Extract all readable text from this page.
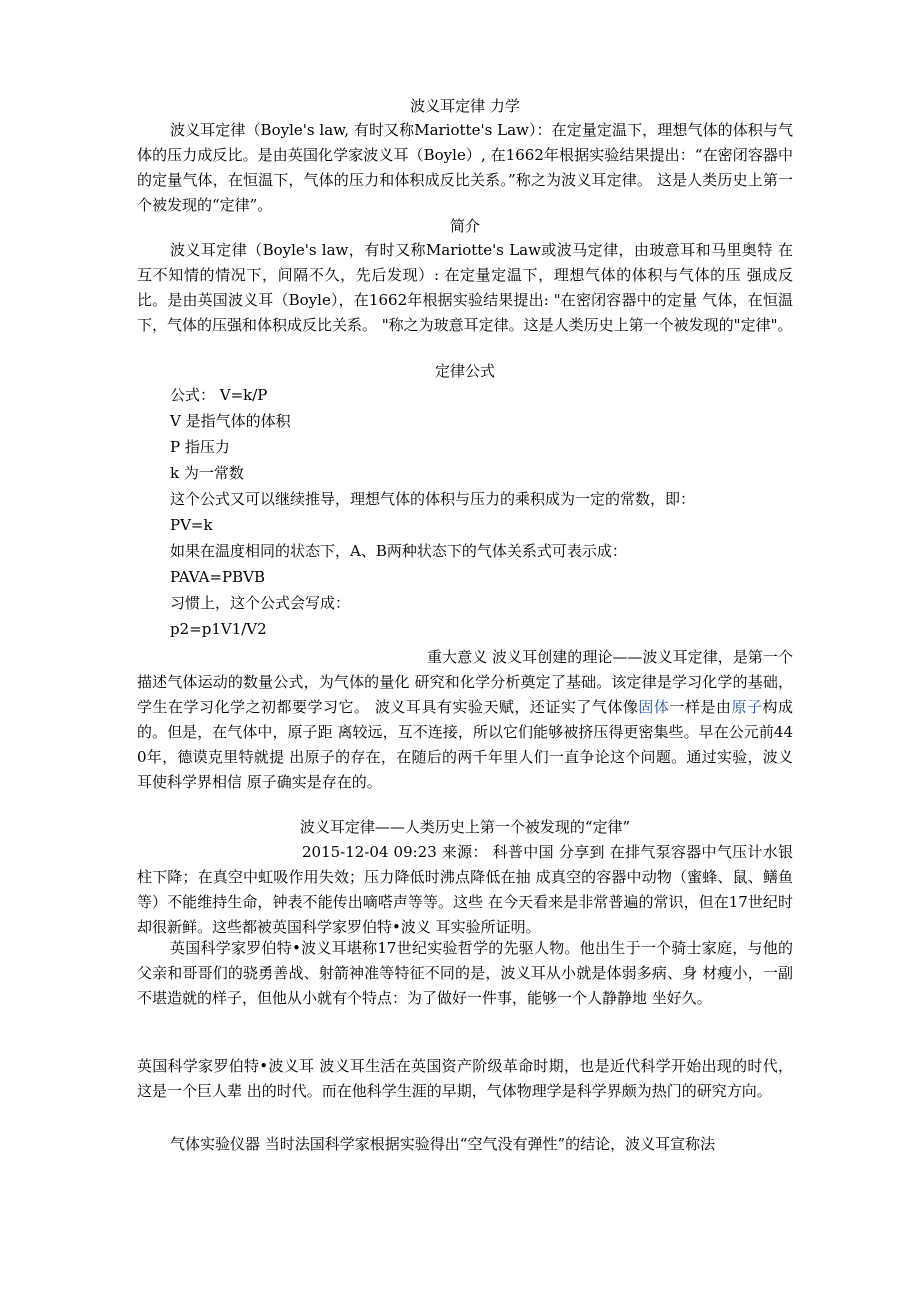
波义耳定律 力学

波义耳定律（Boyle's law, 有时又称Mariotte's Law）：在定量定温下，理想气体的体积与气体的压力成反比。是由英国化学家波义耳（Boyle）, 在1662年根据实验结果提出：“在密闭容器中的定量气体，在恒温下，气体的压力和体积成反比关系。”称之为波义耳定律。 这是人类历史上第一个被发现的“定律”。

简介

波义耳定律（Boyle's law，有时又称Mariotte's Law或波马定律，由玻意耳和马里奥特 在互不知情的情况下，间隔不久，先后发现）: 在定量定温下，理想气体的体积与气体的压 强成反比。是由英国波义耳（Boyle），在1662年根据实验结果提出: "在密闭容器中的定量 气体，在恒温下，气体的压强和体积成反比关系。 "称之为玻意耳定律。这是人类历史上第一个被发现的"定律"。

定律公式

公式： V=k/P

V 是指气体的体积

P 指压力

k 为一常数

这个公式又可以继续推导，理想气体的体积与压力的乘积成为一定的常数，即：

PV=k

如果在温度相同的状态下，A、B两种状态下的气体关系式可表示成：

PAVA=PBVB

习惯上，这个公式会写成：

p2=p1V1/V2

重大意义 波义耳创建的理论——波义耳定律，是第一个描述气体运动的数量公式，为气体的量化 研究和化学分析奠定了基础。该定律是学习化学的基础，学生在学习化学之初都要学习它。 波义耳具有实验天赋，还证实了气体像固体一样是由原子构成的。但是，在气体中，原子距 离较远，互不连接，所以它们能够被挤压得更密集些。早在公元前440年，德谟克里特就提 出原子的存在，在随后的两千年里人们一直争论这个问题。通过实验，波义耳使科学界相信 原子确实是存在的。

波义耳定律——人类历史上第一个被发现的“定律”

2015-12-04 09:23 来源： 科普中国 分享到 在排气泵容器中气压计水银柱下降；在真空中虹吸作用失效；压力降低时沸点降低在抽 成真空的容器中动物（蜜蜂、鼠、鳝鱼等）不能维持生命，钟表不能传出嘀嗒声等等。这些 在今天看来是非常普遍的常识，但在17世纪时却很新鲜。这些都被英国科学家罗伯特•波义 耳实验所证明。

英国科学家罗伯特•波义耳堪称17世纪实验哲学的先驱人物。他出生于一个骑士家庭，与他的父亲和哥哥们的骁勇善战、射箭神准等特征不同的是，波义耳从小就是体弱多病、身 材瘦小，一副不堪造就的样子，但他从小就有个特点：为了做好一件事，能够一个人静静地 坐好久。

英国科学家罗伯特•波义耳 波义耳生活在英国资产阶级革命时期，也是近代科学开始出现的时代，这是一个巨人辈 出的时代。而在他科学生涯的早期，气体物理学是科学界颇为热门的研究方向。

气体实验仪器 当时法国科学家根据实验得出“空气没有弹性”的结论，波义耳宣称法
